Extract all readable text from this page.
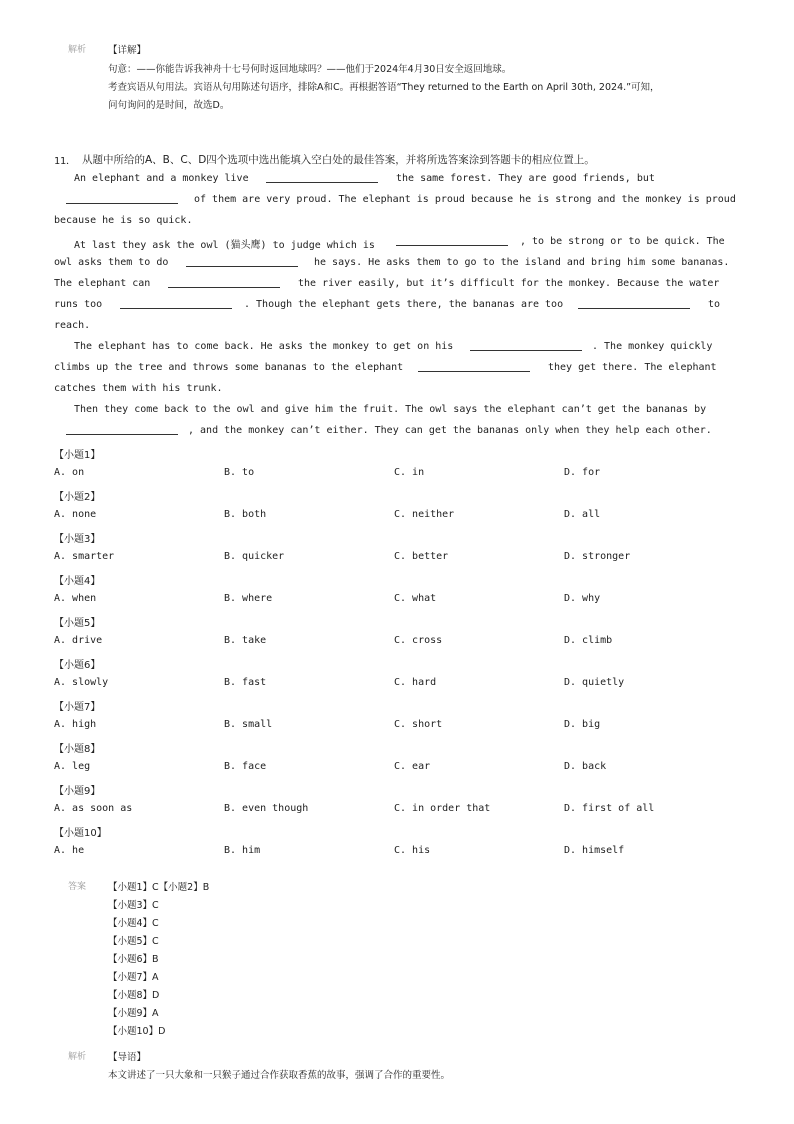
解析 【详解】
句意：——你能告诉我神舟十七号何时返回地球吗？——他们于2024年4月30日安全返回地球。
考查宾语从句用法。宾语从句用陈述句语序，排除A和C。再根据答语“They returned to the Earth on April 30th, 2024.”可知，
问句询问的是时间，故选D。
11． 从题中所给的A、B、C、D四个选项中选出能填入空白处的最佳答案，并将所选答案涂到答题卡的相应位置上。
An elephant and a monkey live	the same forest. They are good friends, but
of them are very proud. The elephant is proud because he is strong and the monkey is proud
because he is so quick.
At last they ask the owl (猫头鹰) to judge which is	, to be strong or to be quick. The
owl asks them to do	he says. He asks them to go to the island and bring him some bananas.
The elephant can	the river easily, but it’s difficult for the monkey. Because the water
runs too	. Though the elephant gets there, the bananas are too	to
reach.
The elephant has to come back. He asks the monkey to get on his	. The monkey quickly
climbs up the tree and throws some bananas to the elephant	they get there. The elephant
catches them with his trunk.
Then they come back to the owl and give him the fruit. The owl says the elephant can’t get the bananas by
, and the monkey can’t either. They can get the bananas only when they help each other.
【小题1】
A. on	B. to	C. in	D. for
【小题2】
A. none	B. both	C. neither	D. all
【小题3】
A. smarter	B. quicker	C. better	D. stronger
【小题4】
A. when	B. where	C. what	D. why
【小题5】
A. drive	B. take	C. cross	D. climb
【小题6】
A. slowly	B. fast	C. hard	D. quietly
【小题7】
A. high	B. small	C. short	D. big
【小题8】
A. leg	B. face	C. ear	D. back
【小题9】
A. as soon as	B. even though	C. in order that	D. first of all
【小题10】
A. he	B. him	C. his	D. himself
答案 【小题1】C【小题2】B
【小题3】C
【小题4】C
【小题5】C
【小题6】B
【小题7】A
【小题8】D
【小题9】A
【小题10】D
解析 【导语】
本文讲述了一只大象和一只猴子通过合作获取香蕉的故事，强调了合作的重要性。
